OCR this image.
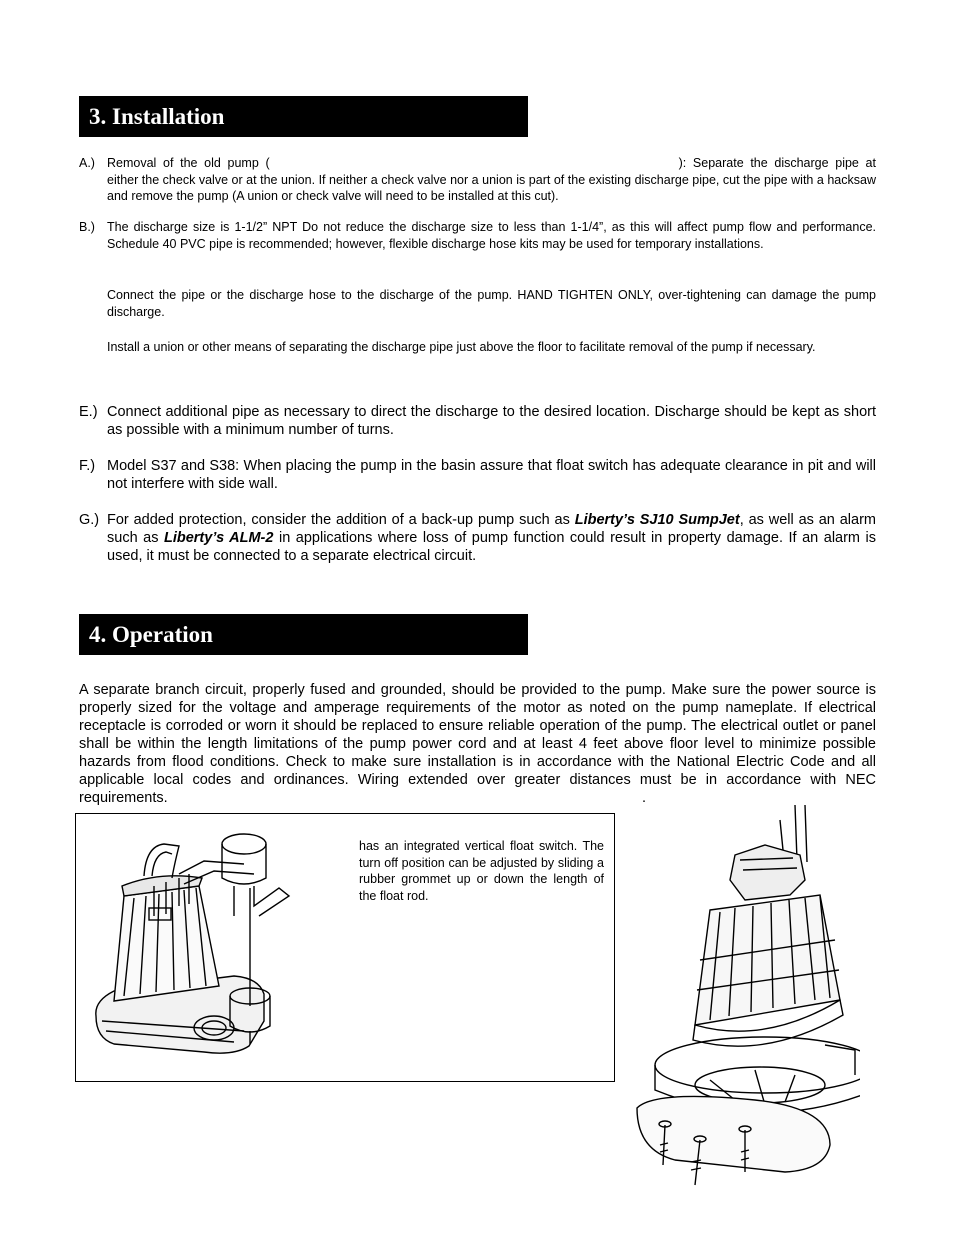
3. Installation
A.) Removal of the old pump (	): Separate the discharge pipe at either the check valve or at the union. If neither a check valve nor a union is part of the existing discharge pipe, cut the pipe with a hacksaw and remove the pump (A union or check valve will need to be installed at this cut).
B.) The discharge size is 1-1/2” NPT Do not reduce the discharge size to less than 1-1/4”, as this will affect pump flow and performance. Schedule 40 PVC pipe is recommended; however, flexible discharge hose kits may be used for temporary installations.
Connect the pipe or the discharge hose to the discharge of the pump. HAND TIGHTEN ONLY, over-tightening can damage the pump discharge.
Install a union or other means of separating the discharge pipe just above the floor to facilitate removal of the pump if necessary.
E.) Connect additional pipe as necessary to direct the discharge to the desired location. Discharge should be kept as short as possible with a minimum number of turns.
F.) Model S37 and S38: When placing the pump in the basin assure that float switch has adequate clearance in pit and will not interfere with side wall.
G.) For added protection, consider the addition of a back-up pump such as Liberty’s SJ10 SumpJet, as well as an alarm such as Liberty’s ALM-2 in applications where loss of pump function could result in property damage. If an alarm is used, it must be connected to a separate electrical circuit.
4. Operation
A separate branch circuit, properly fused and grounded, should be provided to the pump. Make sure the power source is properly sized for the voltage and amperage requirements of the motor as noted on the pump nameplate. If electrical receptacle is corroded or worn it should be replaced to ensure reliable operation of the pump. The electrical outlet or panel shall be within the length limitations of the pump power cord and at least 4 feet above floor level to minimize possible hazards from flood conditions. Check to make sure installation is in accordance with the National Electric Code and all applicable local codes and ordinances. Wiring extended over greater distances must be in accordance with NEC requirements.	.
has an integrated vertical float switch. The turn off position can be adjusted by sliding a rubber grommet up or down the length of the float rod.
